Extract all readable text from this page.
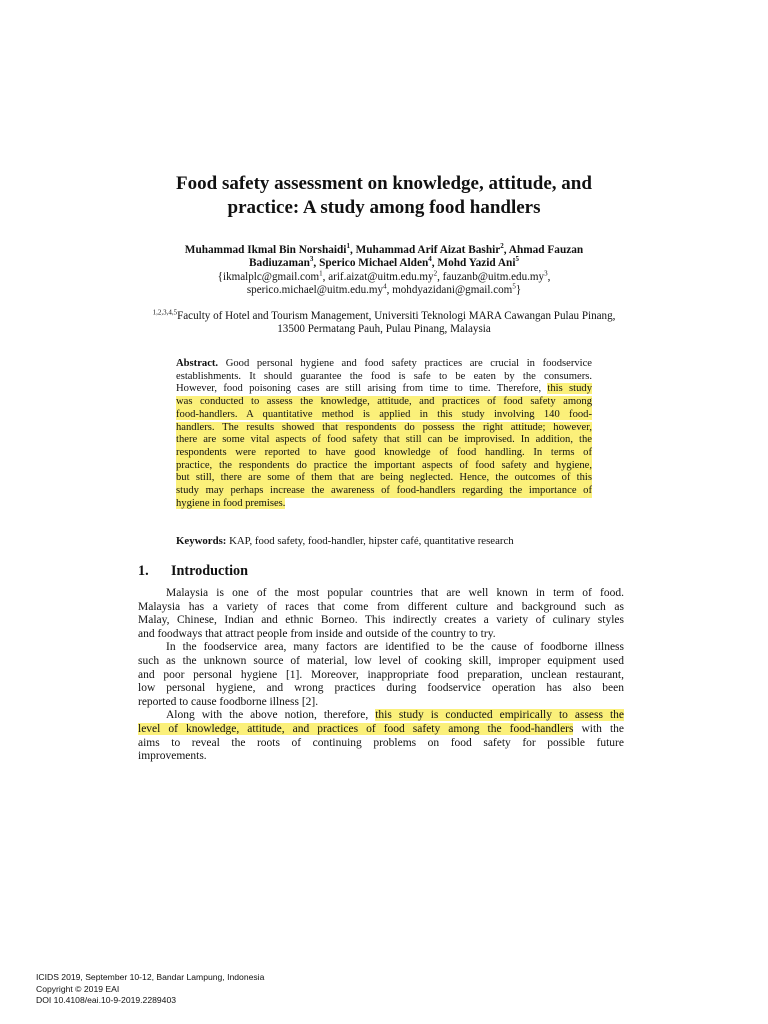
Food safety assessment on knowledge, attitude, and
practice: A study among food handlers
Muhammad Ikmal Bin Norshaidi$^1$, Muhammad Arif Aizat Bashir$^2$, Ahmad Fauzan
Badiuzaman$^3$, Sperico Michael Alden$^4$, Mohd Yazid Ani$^5$
{ikmalplc@gmail.com$^1$, $arif.aizat@uitm.edu.my^2$, $fauzanb@uitm.edu.my^3$,
$sperico.michael@uitm.edu.my^4$, mohdyazidani@gmail.com$^5$}
$^{1,2,3,4,5}$Faculty of Hotel and Tourism Management, Universiti Teknologi MARA Cawangan Pulau Pinang,
13500 Permatang Pauh, Pulau Pinang, Malaysia
Abstract. Good personal hygiene and food safety practices are crucial in foodservice
establishments. It should guarantee the food is safe to be eaten by the consumers.
However, food poisoning cases are still arising from time to time. Therefore, this study
was conducted to assess the knowledge, attitude, and practices of food safety among
food-handlers. A quantitative method is applied in this study involving 140 food-
handlers. The results showed that respondents do possess the right attitude; however,
there are some vital aspects of food safety that still can be improvised. In addition, the
respondents were reported to have good knowledge of food handling. In terms of
practice, the respondents do practice the important aspects of food safety and hygiene,
but still, there are some of them that are being neglected. Hence, the outcomes of this
study may perhaps increase the awareness of food-handlers regarding the importance of
hygiene in food premises.
Keywords: KAP, food safety, food-handler, hipster café, quantitative research
1. Introduction
Malaysia is one of the most popular countries that are well known in term of food.
Malaysia has a variety of races that come from different culture and background such as
Malay, Chinese, Indian and ethnic Borneo. This indirectly creates a variety of culinary styles
and foodways that attract people from inside and outside of the country to try.
In the foodservice area, many factors are identified to be the cause of foodborne illness
such as the unknown source of material, low level of cooking skill, improper equipment used
and poor personal hygiene [1]. Moreover, inappropriate food preparation, unclean restaurant,
low personal hygiene, and wrong practices during foodservice operation has also been
reported to cause foodborne illness [2].
Along with the above notion, therefore, this study is conducted empirically to assess the
level of knowledge, attitude, and practices of food safety among the food-handlers with the
aims to reveal the roots of continuing problems on food safety for possible future
improvements.
ICIDS 2019, September 10-12, Bandar Lampung, Indonesia
Copyright © 2019 EAI
DOI 10.4108/eai.10-9-2019.2289403
